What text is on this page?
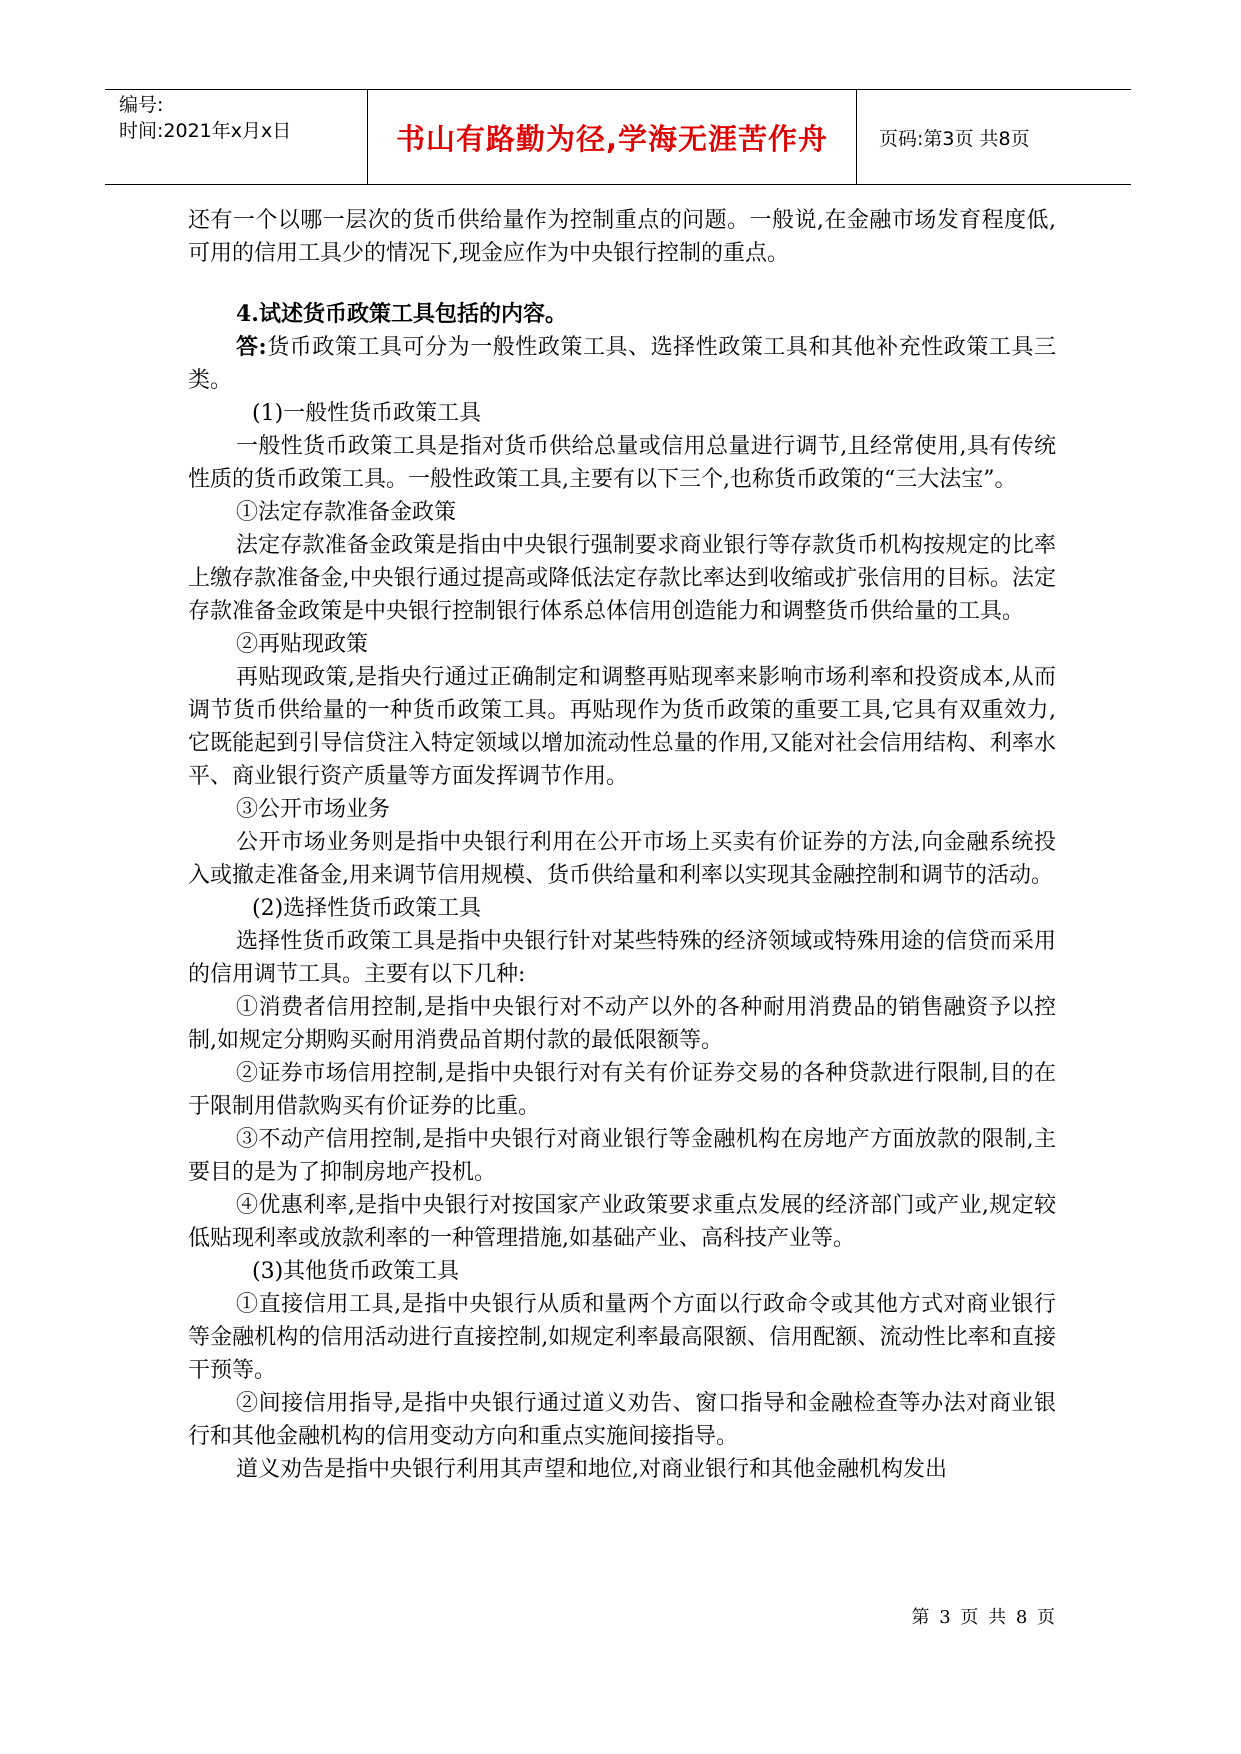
编号:
时间:2021年x月x日	书山有路勤为径,学海无涯苦作舟	页码:第3页 共8页

还有一个以哪一层次的货币供给量作为控制重点的问题。一般说,在金融市场发育程度低,可用的信用工具少的情况下,现金应作为中央银行控制的重点。

4.试述货币政策工具包括的内容。

答:货币政策工具可分为一般性政策工具、选择性政策工具和其他补充性政策工具三类。

(1)一般性货币政策工具

一般性货币政策工具是指对货币供给总量或信用总量进行调节,且经常使用,具有传统性质的货币政策工具。一般性政策工具,主要有以下三个,也称货币政策的“三大法宝”。

①法定存款准备金政策

法定存款准备金政策是指由中央银行强制要求商业银行等存款货币机构按规定的比率上缴存款准备金,中央银行通过提高或降低法定存款比率达到收缩或扩张信用的目标。法定存款准备金政策是中央银行控制银行体系总体信用创造能力和调整货币供给量的工具。

②再贴现政策

再贴现政策,是指央行通过正确制定和调整再贴现率来影响市场利率和投资成本,从而调节货币供给量的一种货币政策工具。再贴现作为货币政策的重要工具,它具有双重效力,它既能起到引导信贷注入特定领域以增加流动性总量的作用,又能对社会信用结构、利率水平、商业银行资产质量等方面发挥调节作用。

③公开市场业务

公开市场业务则是指中央银行利用在公开市场上买卖有价证券的方法,向金融系统投入或撤走准备金,用来调节信用规模、货币供给量和利率以实现其金融控制和调节的活动。

(2)选择性货币政策工具

选择性货币政策工具是指中央银行针对某些特殊的经济领域或特殊用途的信贷而采用的信用调节工具。主要有以下几种:

①消费者信用控制,是指中央银行对不动产以外的各种耐用消费品的销售融资予以控制,如规定分期购买耐用消费品首期付款的最低限额等。

②证券市场信用控制,是指中央银行对有关有价证券交易的各种贷款进行限制,目的在于限制用借款购买有价证券的比重。

③不动产信用控制,是指中央银行对商业银行等金融机构在房地产方面放款的限制,主要目的是为了抑制房地产投机。

④优惠利率,是指中央银行对按国家产业政策要求重点发展的经济部门或产业,规定较低贴现利率或放款利率的一种管理措施,如基础产业、高科技产业等。

(3)其他货币政策工具

①直接信用工具,是指中央银行从质和量两个方面以行政命令或其他方式对商业银行等金融机构的信用活动进行直接控制,如规定利率最高限额、信用配额、流动性比率和直接干预等。

②间接信用指导,是指中央银行通过道义劝告、窗口指导和金融检查等办法对商业银行和其他金融机构的信用变动方向和重点实施间接指导。

道义劝告是指中央银行利用其声望和地位,对商业银行和其他金融机构发出

第 3 页 共 8 页
